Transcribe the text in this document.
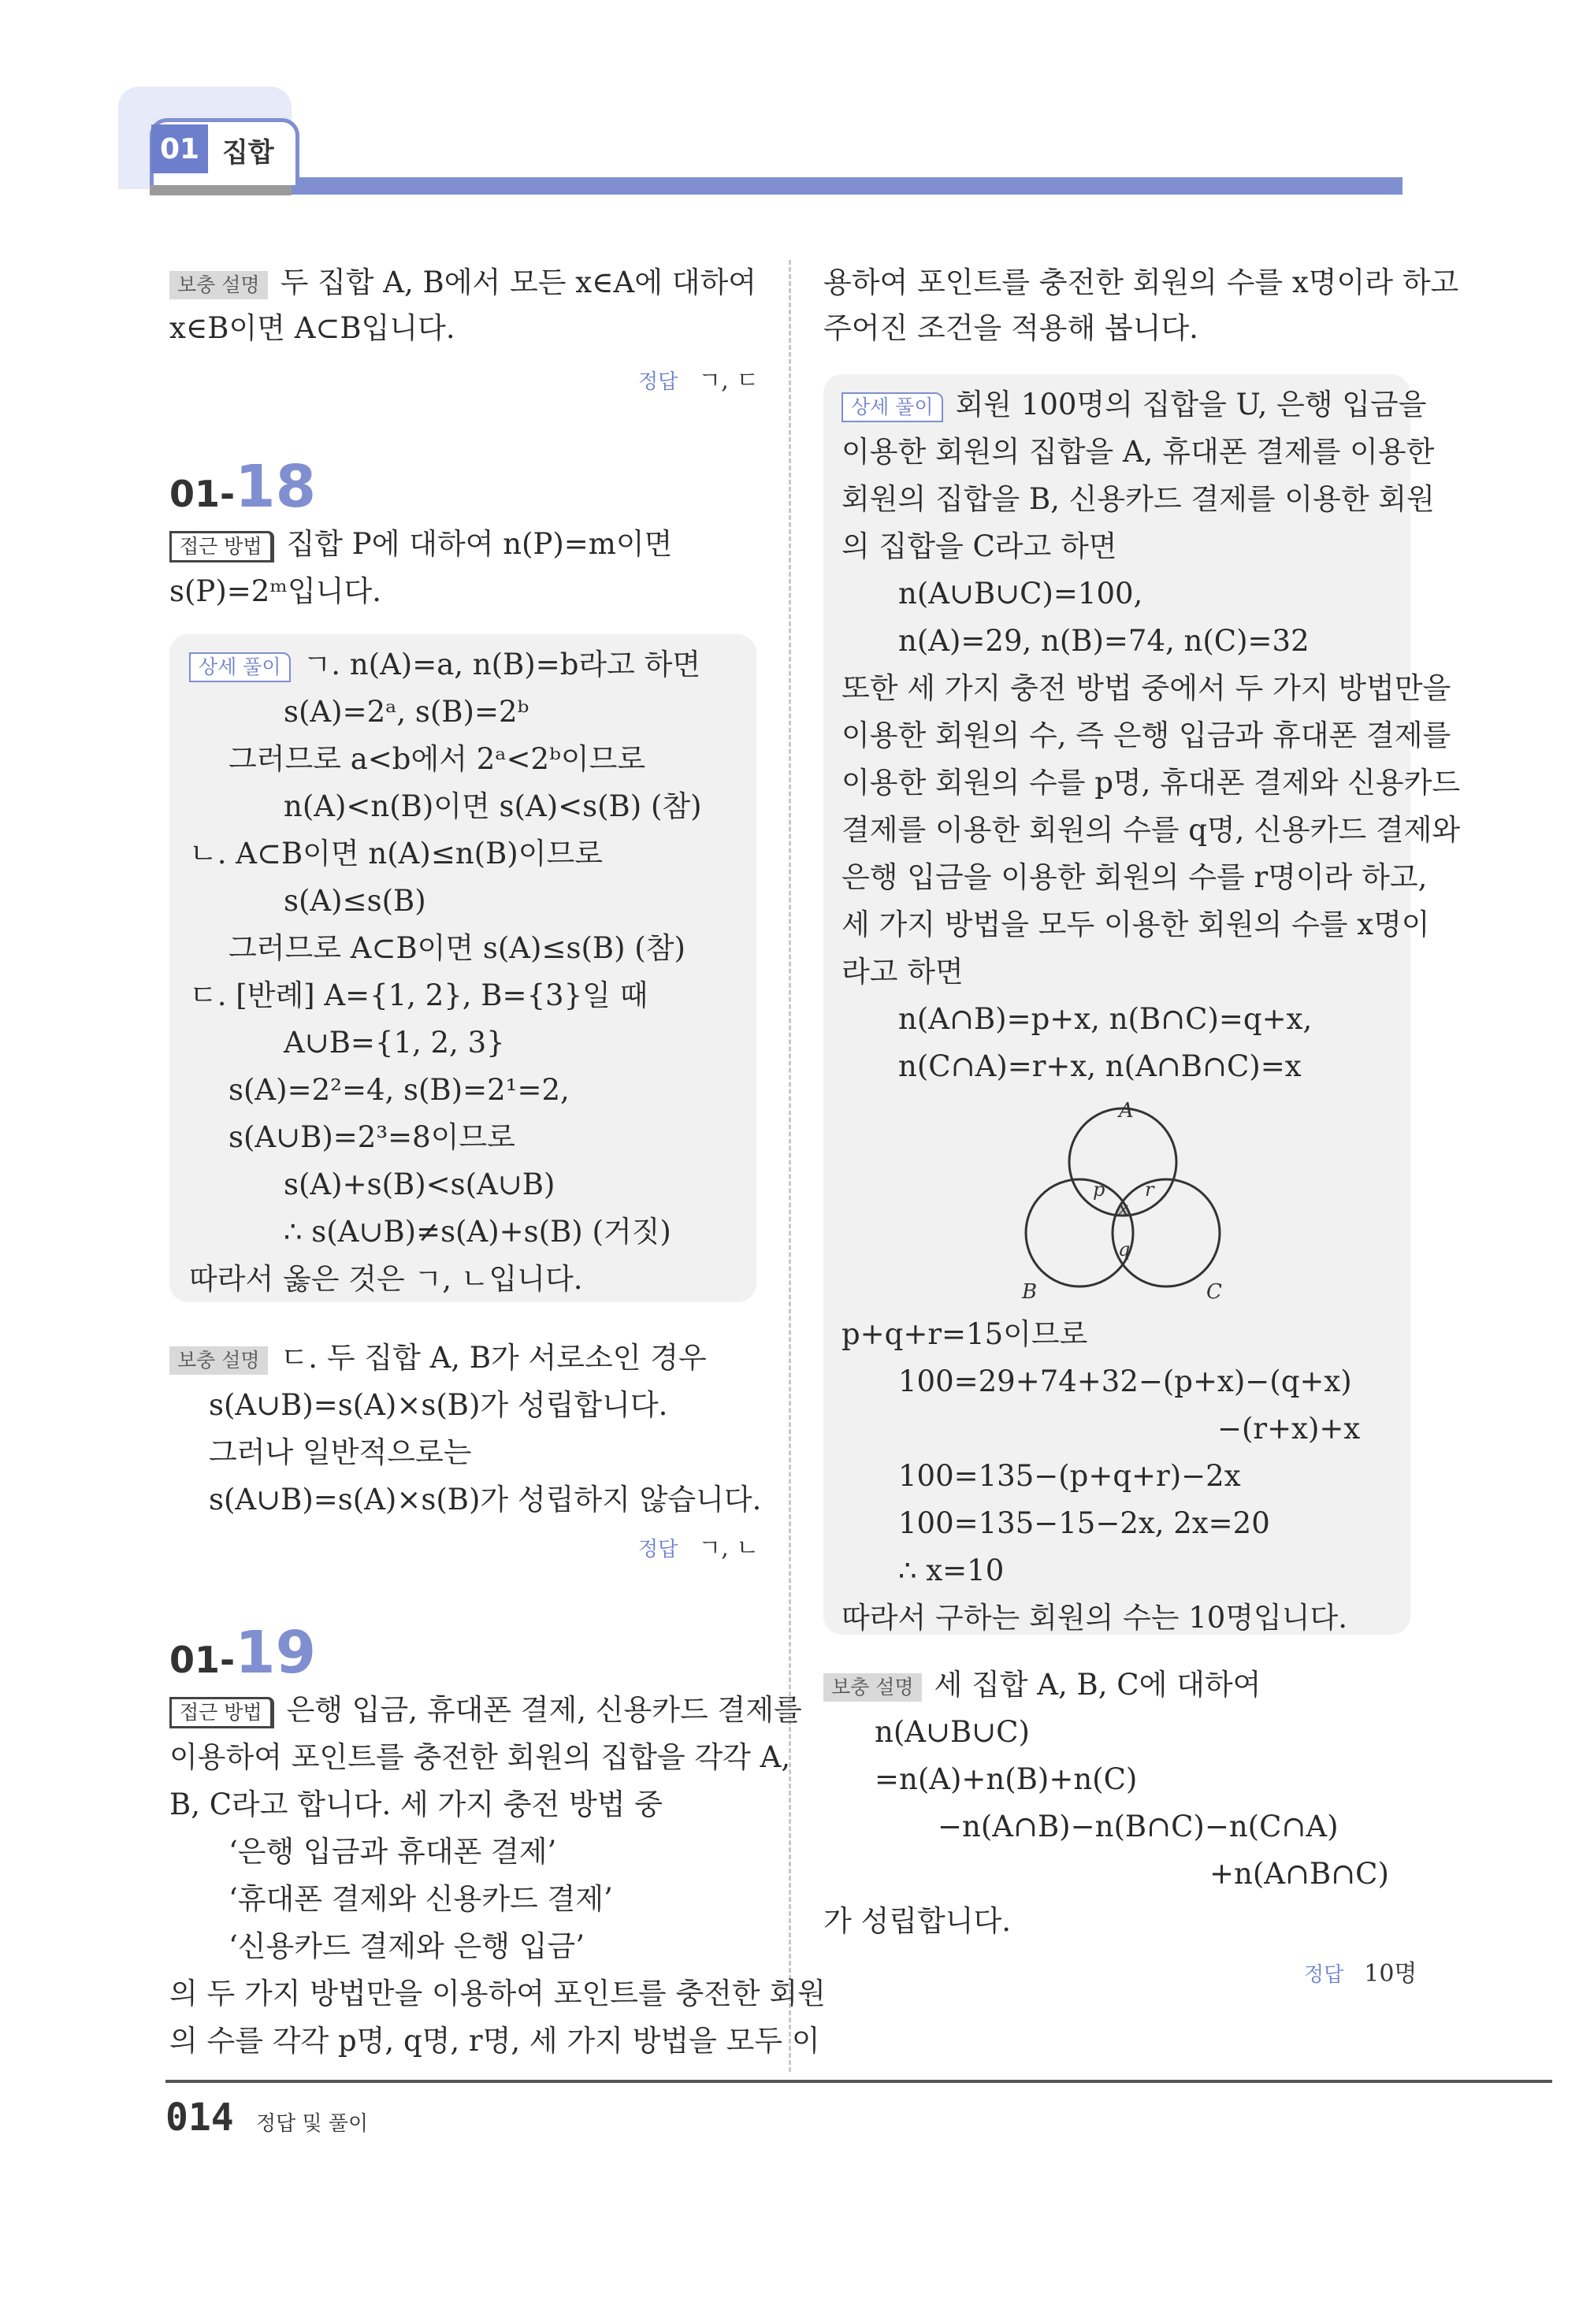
01 집합
보충 설명 두 집합 A, B에서 모든 x∈A에 대하여
x∈B이면 A⊂B입니다.
정답 ㄱ, ㄷ
01-18
접근 방법 집합 P에 대하여 n(P)=m이면
s(P)=2ᵐ입니다.
상세 풀이 ㄱ. n(A)=a, n(B)=b라고 하면
s(A)=2ᵃ, s(B)=2ᵇ
그러므로 a<b에서 2ᵃ<2ᵇ이므로
n(A)<n(B)이면 s(A)<s(B) (참)
ㄴ. A⊂B이면 n(A)≤n(B)이므로
s(A)≤s(B)
그러므로 A⊂B이면 s(A)≤s(B) (참)
ㄷ. [반례] A={1, 2}, B={3}일 때
A∪B={1, 2, 3}
s(A)=2²=4, s(B)=2¹=2,
s(A∪B)=2³=8이므로
s(A)+s(B)<s(A∪B)
∴ s(A∪B)≠s(A)+s(B) (거짓)
따라서 옳은 것은 ㄱ, ㄴ입니다.
보충 설명 ㄷ. 두 집합 A, B가 서로소인 경우
s(A∪B)=s(A)×s(B)가 성립합니다.
그러나 일반적으로는
s(A∪B)=s(A)×s(B)가 성립하지 않습니다.
정답 ㄱ, ㄴ
01-19
접근 방법 은행 입금, 휴대폰 결제, 신용카드 결제를
이용하여 포인트를 충전한 회원의 집합을 각각 A,
B, C라고 합니다. 세 가지 충전 방법 중
‘은행 입금과 휴대폰 결제’
‘휴대폰 결제와 신용카드 결제’
‘신용카드 결제와 은행 입금’
의 두 가지 방법만을 이용하여 포인트를 충전한 회원
의 수를 각각 p명, q명, r명, 세 가지 방법을 모두 이
용하여 포인트를 충전한 회원의 수를 x명이라 하고
주어진 조건을 적용해 봅니다.
상세 풀이 회원 100명의 집합을 U, 은행 입금을
이용한 회원의 집합을 A, 휴대폰 결제를 이용한
회원의 집합을 B, 신용카드 결제를 이용한 회원
의 집합을 C라고 하면
n(A∪B∪C)=100,
n(A)=29, n(B)=74, n(C)=32
또한 세 가지 충전 방법 중에서 두 가지 방법만을
이용한 회원의 수, 즉 은행 입금과 휴대폰 결제를
이용한 회원의 수를 p명, 휴대폰 결제와 신용카드
결제를 이용한 회원의 수를 q명, 신용카드 결제와
은행 입금을 이용한 회원의 수를 r명이라 하고,
세 가지 방법을 모두 이용한 회원의 수를 x명이
라고 하면
n(A∩B)=p+x, n(B∩C)=q+x,
n(C∩A)=r+x, n(A∩B∩C)=x
A
B	C
p r
x
q
p+q+r=15이므로
100=29+74+32−(p+x)−(q+x)
−(r+x)+x
100=135−(p+q+r)−2x
100=135−15−2x, 2x=20
∴ x=10
따라서 구하는 회원의 수는 10명입니다.
보충 설명 세 집합 A, B, C에 대하여
n(A∪B∪C)
=n(A)+n(B)+n(C)
−n(A∩B)−n(B∩C)−n(C∩A)
+n(A∩B∩C)
가 성립합니다.
정답 10명
014 정답 및 풀이
